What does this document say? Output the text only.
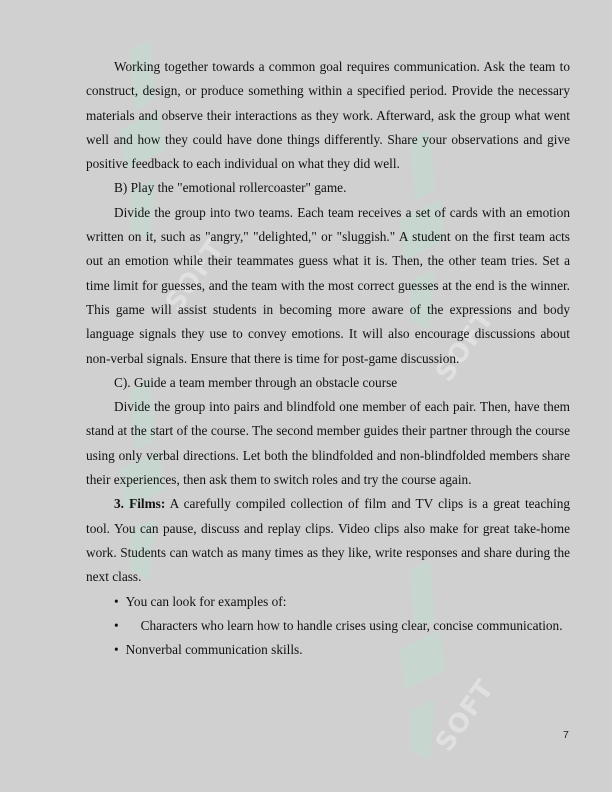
SOFT
SOFT
SOFT

Working together towards a common goal requires communication. Ask the team to construct, design, or produce something within a specified period. Provide the necessary materials and observe their interactions as they work. Afterward, ask the group what went well and how they could have done things differently. Share your observations and give positive feedback to each individual on what they did well.

B) Play the "emotional rollercoaster" game.

Divide the group into two teams. Each team receives a set of cards with an emotion written on it, such as "angry," "delighted," or "sluggish." A student on the first team acts out an emotion while their teammates guess what it is. Then, the other team tries. Set a time limit for guesses, and the team with the most correct guesses at the end is the winner. This game will assist students in becoming more aware of the expressions and body language signals they use to convey emotions. It will also encourage discussions about non-verbal signals. Ensure that there is time for post-game discussion.

C). Guide a team member through an obstacle course

Divide the group into pairs and blindfold one member of each pair. Then, have them stand at the start of the course. The second member guides their partner through the course using only verbal directions. Let both the blindfolded and non-blindfolded members share their experiences, then ask them to switch roles and try the course again.

3. Films: A carefully compiled collection of film and TV clips is a great teaching tool. You can pause, discuss and replay clips. Video clips also make for great take-home work. Students can watch as many times as they like, write responses and share during the next class.

• You can look for examples of:

• Characters who learn how to handle crises using clear, concise communication.

• Nonverbal communication skills.

7
